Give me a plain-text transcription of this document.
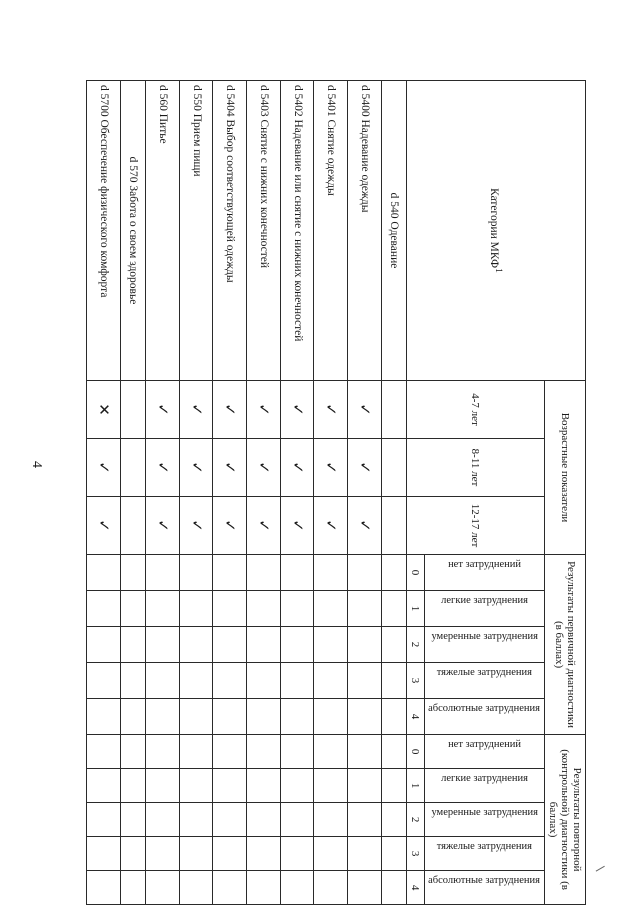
4
Категории МКФ$^1$	Возрастные показатели			Результаты первичной диагностики (в баллах)					Результаты повторной (контрольной) диагностики (в баллах)				
	4-7 лет	8-11 лет	12-17 лет	нет затруднений	легкие затруднения	умеренные затруднения	тяжелые затруднения	абсолютные затруднения	нет затруднений	легкие затруднения	умеренные затруднения	тяжелые затруднения	абсолютные затруднения

				0	1	2	3	4	0	1	2	3	4
d 540 Одевание													
d 5400 Надевание одежды	✓	✓	✓										
d 5401 Снятие одежды	✓	✓	✓										
d 5402 Надевание или снятие с нижних конечностей	✓	✓	✓										
d 5403 Снятие с нижних конечностей	✓	✓	✓										
d 5404 Выбор соответствующей одежды	✓	✓	✓										
d 550 Прием пищи	✓	✓	✓										
d 560 Питье	✓	✓	✓										
d 570 Забота о своем здоровье													
d 5700 Обеспечение физического комфорта	✕	✓	✓										
